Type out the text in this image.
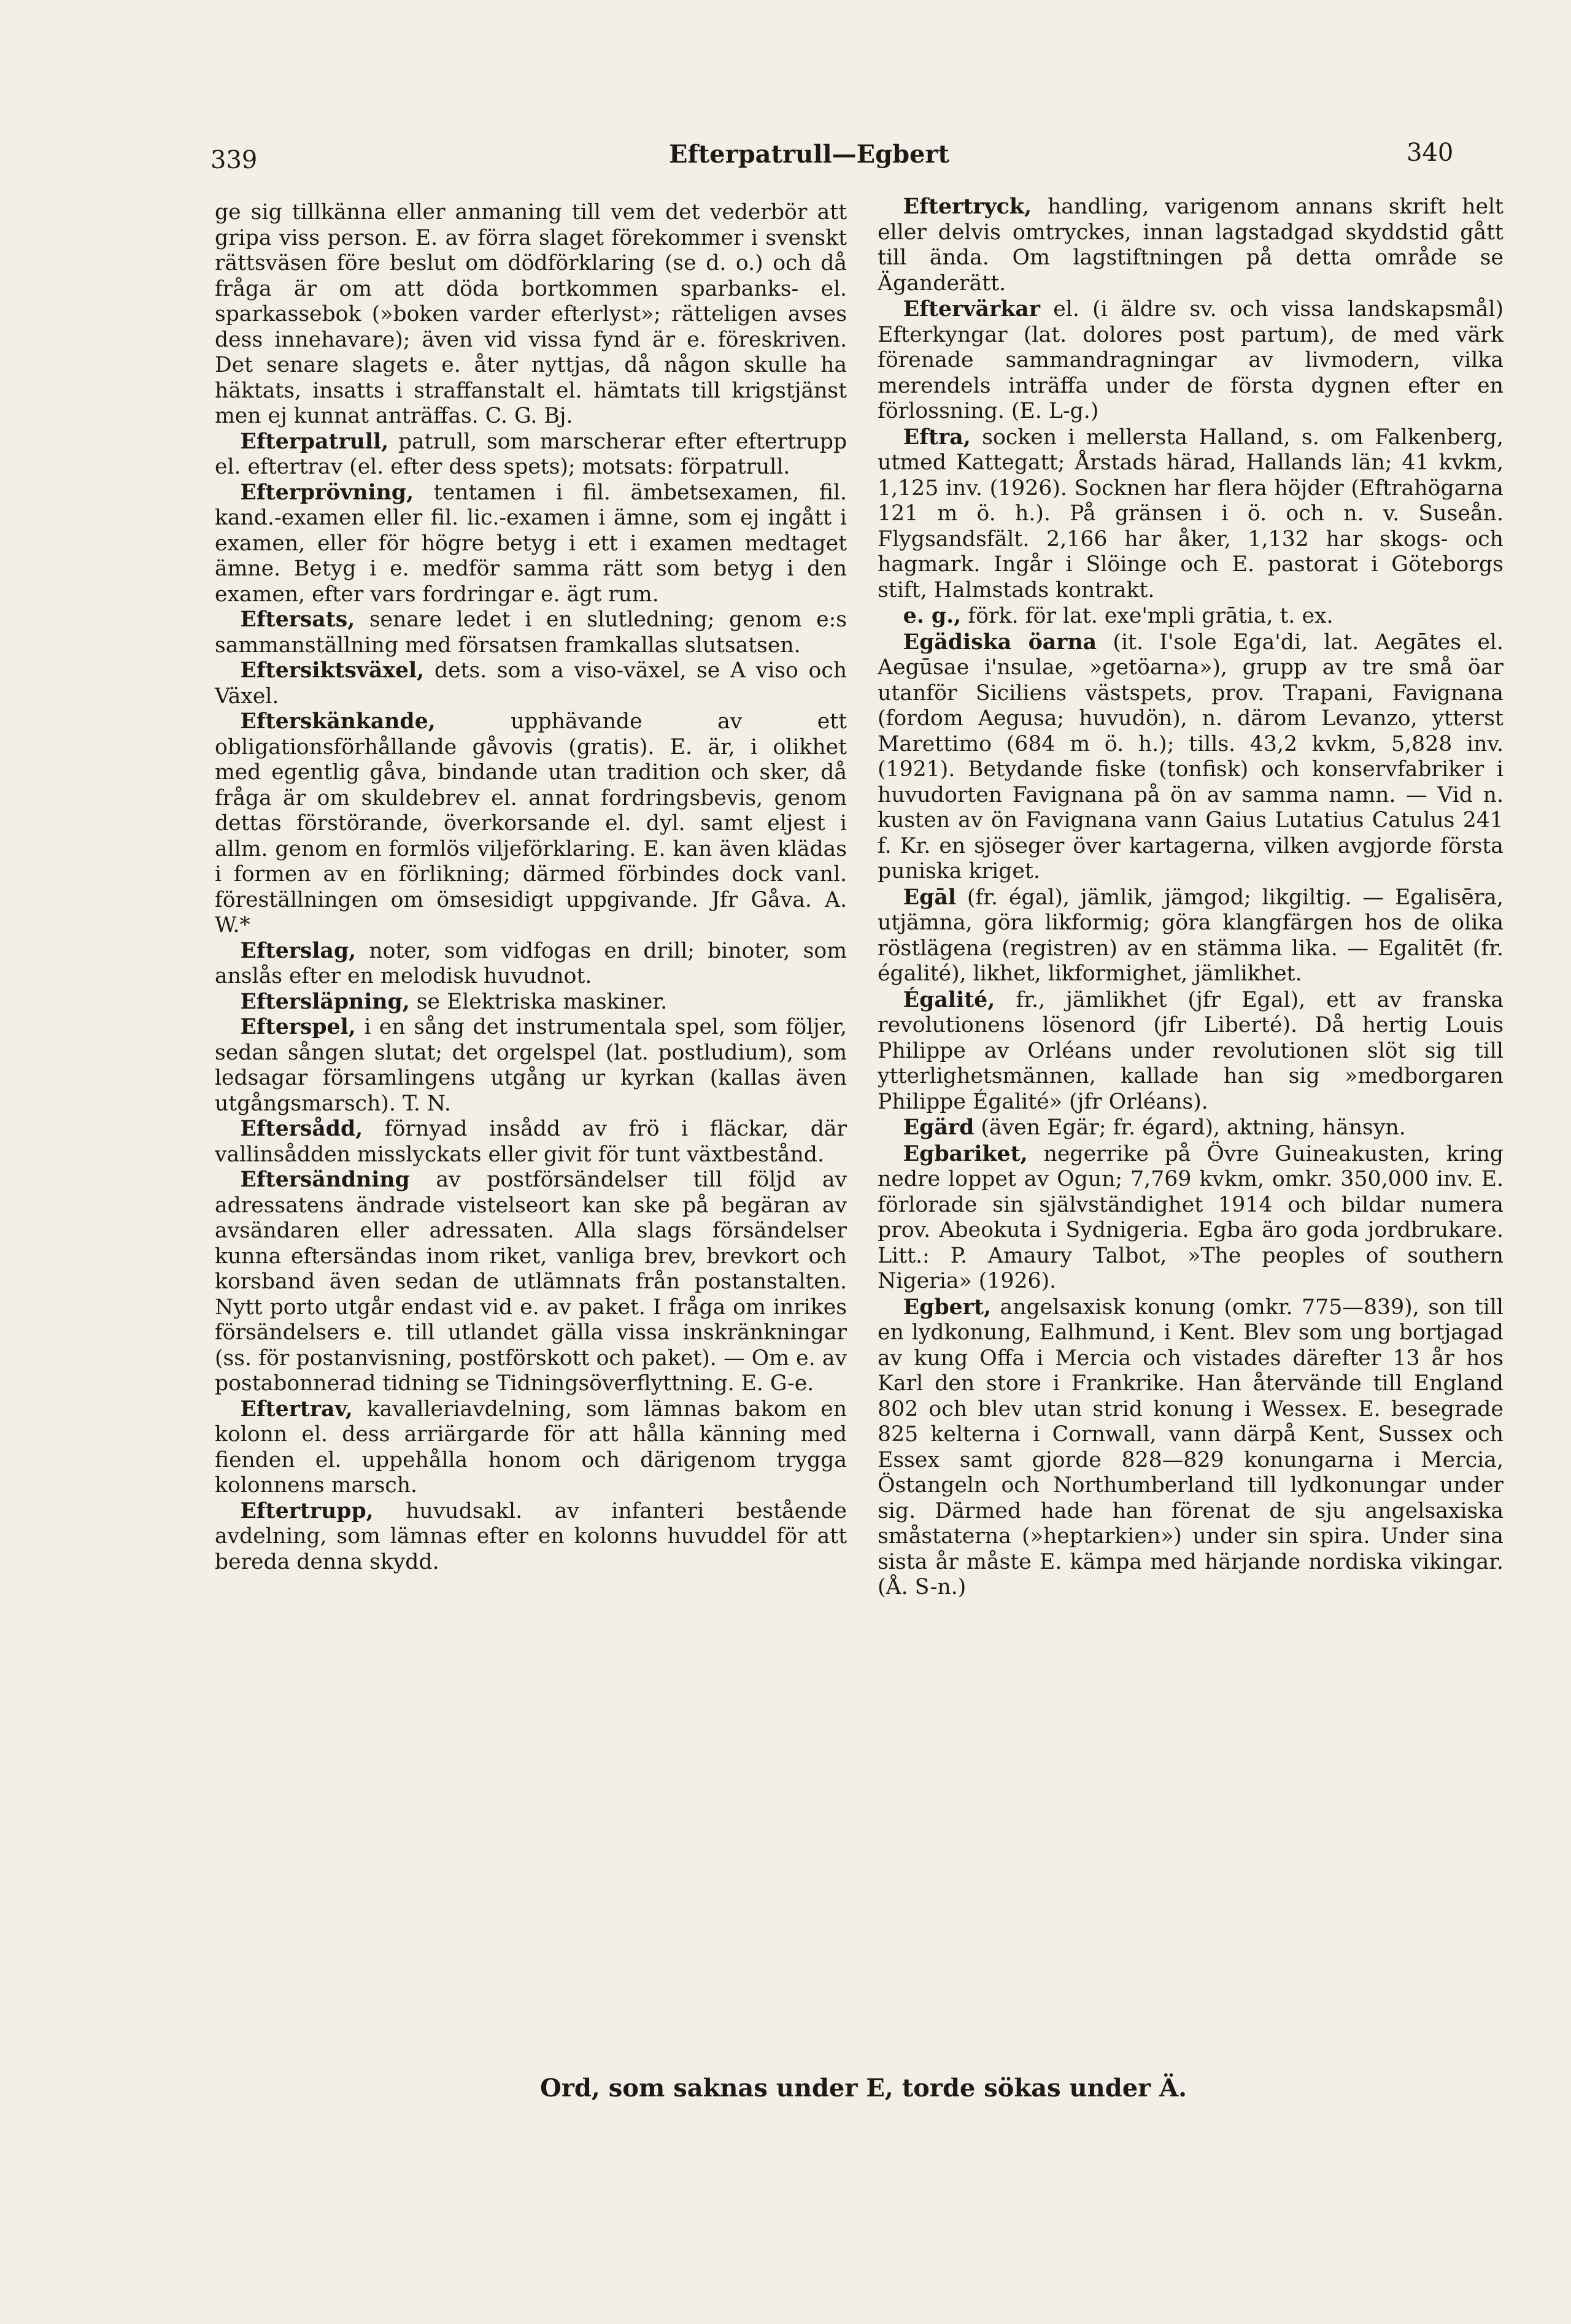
339	Efterpatrull—Egbert	340

ge sig tillkänna eller anmaning till vem det vederbör att gripa viss person. E. av förra slaget förekommer i svenskt rättsväsen före beslut om dödförklaring (se d. o.) och då fråga är om att döda bortkommen sparbanks- el. sparkassebok (»boken varder efterlyst»; rätteligen avses dess innehavare); även vid vissa fynd är e. föreskriven. Det senare slagets e. åter nyttjas, då någon skulle ha häktats, insatts i straffanstalt el. hämtats till krigstjänst men ej kunnat anträffas. C. G. Bj.

Efterpatrull, patrull, som marscherar efter eftertrupp el. eftertrav (el. efter dess spets); motsats: förpatrull.

Efterprövning, tentamen i fil. ämbetsexamen, fil. kand.-examen eller fil. lic.-examen i ämne, som ej ingått i examen, eller för högre betyg i ett i examen medtaget ämne. Betyg i e. medför samma rätt som betyg i den examen, efter vars fordringar e. ägt rum.

Eftersats, senare ledet i en slutledning; genom e:s sammanställning med försatsen framkallas slutsatsen.

Eftersiktsväxel, dets. som a viso-växel, se A viso och Växel.

Efterskänkande,	upphävande av ett obligationsförhållande gåvovis (gratis). E. är, i olikhet med egentlig gåva, bindande utan tradition och sker, då fråga är om skuldebrev el. annat fordringsbevis, genom dettas förstörande, överkorsande el. dyl. samt eljest i allm. genom en formlös viljeförklaring. E. kan även klädas i formen av en förlikning; därmed förbindes dock vanl. föreställningen om ömsesidigt uppgivande. Jfr Gåva. A. W.*

Efterslag, noter, som vidfogas en drill; binoter, som anslås efter en melodisk huvudnot.

Eftersläpning, se Elektriska maskiner.

Efterspel, i en sång det instrumentala spel, som följer, sedan sången slutat; det orgelspel (lat. postludium), som ledsagar församlingens utgång ur kyrkan (kallas även utgångsmarsch). T. N.

Eftersådd, förnyad insådd av frö i fläckar, där vallinsådden misslyckats eller givit för tunt växtbestånd.

Eftersändning av postförsändelser till följd av adressatens ändrade vistelseort kan ske på begäran av avsändaren eller adressaten. Alla slags försändelser kunna eftersändas inom riket, vanliga brev, brevkort och korsband även sedan de utlämnats från postanstalten. Nytt porto utgår endast vid e. av paket. I fråga om inrikes försändelsers e. till utlandet gälla vissa inskränkningar (ss. för postanvisning, postförskott och paket). — Om e. av postabonnerad tidning se Tidningsöverflyttning. E. G-e.

Eftertrav, kavalleriavdelning, som lämnas bakom en kolonn el. dess arriärgarde för att hålla känning med fienden el. uppehålla honom och därigenom trygga kolonnens marsch.

Eftertrupp, huvudsakl. av infanteri bestående avdelning, som lämnas efter en kolonns huvuddel för att bereda denna skydd.

Eftertryck, handling, varigenom annans skrift helt eller delvis omtryckes, innan lagstadgad skyddstid gått till ända. Om lagstiftningen på detta område se Äganderätt.

Eftervärkar el. (i äldre sv. och vissa landskapsmål) Efterkyngar (lat. dolores post partum), de med värk förenade sammandragningar av livmodern, vilka merendels inträffa under de första dygnen efter en förlossning. (E. L-g.)

Eftra, socken i mellersta Halland, s. om Falkenberg, utmed Kattegatt; Årstads härad, Hallands län; 41 kvkm, 1,125 inv. (1926). Socknen har flera höjder (Eftrahögarna 121 m ö. h.). På gränsen i ö. och n. v. Suseån. Flygsandsfält. 2,166 har åker, 1,132 har skogs- och hagmark. Ingår i Slöinge och E. pastorat i Göteborgs stift, Halmstads kontrakt.

e. g., förk. för lat. exe'mpli grātia, t. ex.

Egädiska öarna (it. I'sole Ega'di, lat. Aegātes el. Aegūsae i'nsulae, »getöarna»), grupp av tre små öar utanför Siciliens västspets, prov. Trapani, Favignana (fordom Aegusa; huvudön), n. därom Levanzo, ytterst Marettimo (684 m ö. h.); tills. 43,2 kvkm, 5,828 inv. (1921). Betydande fiske (tonfisk) och konservfabriker i huvudorten Favignana på ön av samma namn. — Vid n. kusten av ön Favignana vann Gaius Lutatius Catulus 241 f. Kr. en sjöseger över kartagerna, vilken avgjorde första puniska kriget.

Egāl (fr. égal), jämlik, jämgod; likgiltig. — Egalisēra, utjämna, göra likformig; göra klangfärgen hos de olika röstlägena (registren) av en stämma lika. — Egalitēt (fr. égalité), likhet, likformighet, jämlikhet.

Égalité, fr., jämlikhet (jfr Egal), ett av franska revolutionens lösenord (jfr Liberté). Då hertig Louis Philippe av Orléans under revolutionen slöt sig till ytterlighetsmännen, kallade han sig »medborgaren Philippe Égalité» (jfr Orléans).

Egärd (även Egär; fr. égard), aktning, hänsyn.

Egbariket, negerrike på Övre Guineakusten, kring nedre loppet av Ogun; 7,769 kvkm, omkr. 350,000 inv. E. förlorade sin självständighet 1914 och bildar numera prov. Abeokuta i Sydnigeria. Egba äro goda jordbrukare. Litt.: P. Amaury Talbot, »The peoples of southern Nigeria» (1926).

Egbert, angelsaxisk konung (omkr. 775—839), son till en lydkonung, Ealhmund, i Kent. Blev som ung bortjagad av kung Offa i Mercia och vistades därefter 13 år hos Karl den store i Frankrike. Han återvände till England 802 och blev utan strid konung i Wessex. E. besegrade 825 kelterna i Cornwall, vann därpå Kent, Sussex och Essex samt gjorde 828—829 konungarna i Mercia, Östangeln och Northumberland till lydkonungar under sig. Därmed hade han förenat de sju angelsaxiska småstaterna (»heptarkien») under sin spira. Under sina sista år måste E. kämpa med härjande nordiska vikingar. (Å. S-n.)

Ord, som saknas under E, torde sökas under Ä.
